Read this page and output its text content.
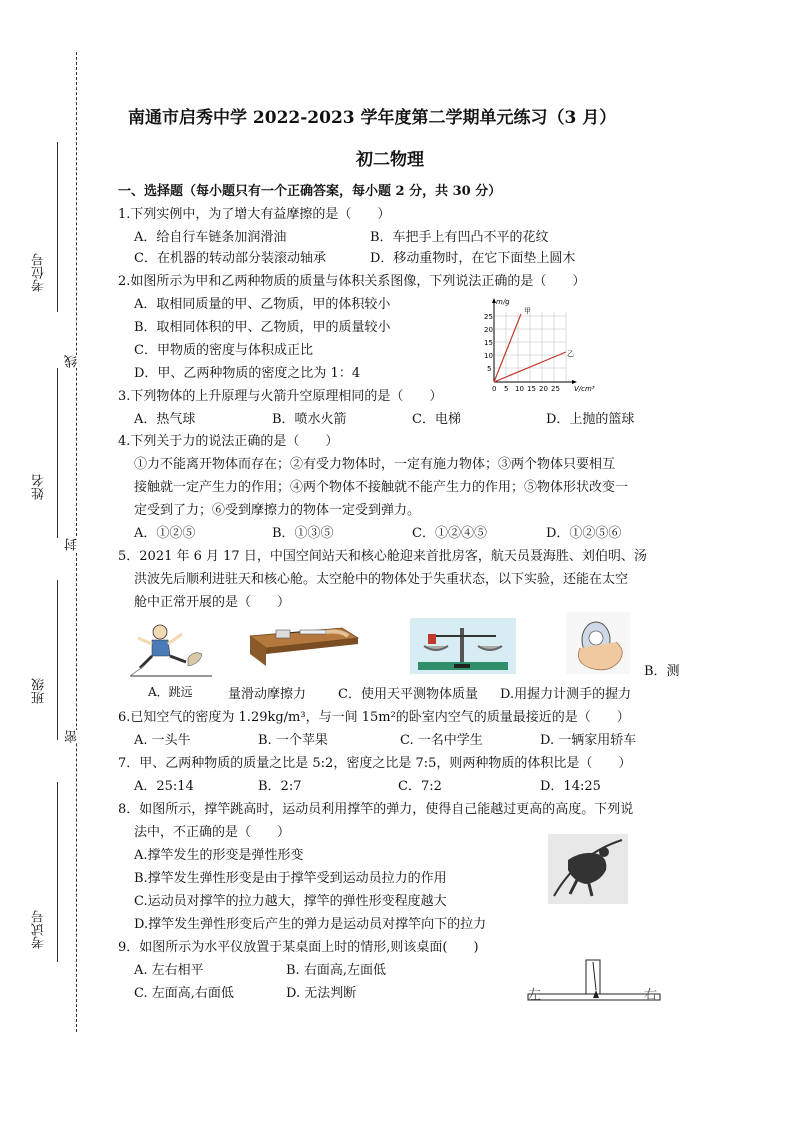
考位号
姓名
班级
考试号
线
封
密
南通市启秀中学 2022-2023 学年度第二学期单元练习（3 月）
初二物理
一、选择题（每小题只有一个正确答案，每小题 2 分，共 30 分）
1.下列实例中，为了增大有益摩擦的是（　　）
A．给自行车链条加润滑油	B．车把手上有凹凸不平的花纹
C．在机器的转动部分装滚动轴承	D．移动重物时，在它下面垫上圆木
2.如图所示为甲和乙两种物质的质量与体积关系图像，下列说法正确的是（　　）
A．取相同质量的甲、乙物质，甲的体积较小
B．取相同体积的甲、乙物质，甲的质量较小
C．甲物质的密度与体积成正比
D．甲、乙两种物质的密度之比为 1：4
m/g
V/cm³
25
20
15
10
5
0 5 10 15 20 25
甲
乙
3.下列物体的上升原理与火箭升空原理相同的是（　　）
A．热气球	B．喷水火箭	C．电梯	D．上抛的篮球
4.下列关于力的说法正确的是（　　）
①力不能离开物体而存在；②有受力物体时，一定有施力物体；③两个物体只要相互
接触就一定产生力的作用；④两个物体不接触就不能产生力的作用；⑤物体形状改变一
定受到了力；⑥受到摩擦力的物体一定受到弹力。
A．①②⑤	B．①③⑤	C．①②④⑤	D．①②⑤⑥
5．2021 年 6 月 17 日，中国空间站天和核心舱迎来首批房客，航天员聂海胜、刘伯明、汤
洪波先后顺利进驻天和核心舱。太空舱中的物体处于失重状态，以下实验，还能在太空
舱中正常开展的是（　　）
A．跳远
B．测
量滑动摩擦力 C．使用天平测物体质量 D.用握力计测手的握力
6.已知空气的密度为 1.29kg/m³，与一间 15m²的卧室内空气的质量最接近的是（　　）
A. 一头牛	B. 一个苹果	C. 一名中学生	D. 一辆家用轿车
7．甲、乙两种物质的质量之比是 5:2，密度之比是 7:5，则两种物质的体积比是（　　）
A．25:14	B．2:7	C．7:2	D．14:25
8．如图所示，撑竿跳高时，运动员利用撑竿的弹力，使得自己能越过更高的高度。下列说
法中，不正确的是（　　）
A.撑竿发生的形变是弹性形变
B.撑竿发生弹性形变是由于撑竿受到运动员拉力的作用
C.运动员对撑竿的拉力越大，撑竿的弹性形变程度越大
D.撑竿发生弹性形变后产生的弹力是运动员对撑竿向下的拉力
9．如图所示为水平仪放置于某桌面上时的情形,则该桌面(　　)
A. 左右相平	B. 右面高,左面低
C. 左面高,右面低	D. 无法判断	左	右
